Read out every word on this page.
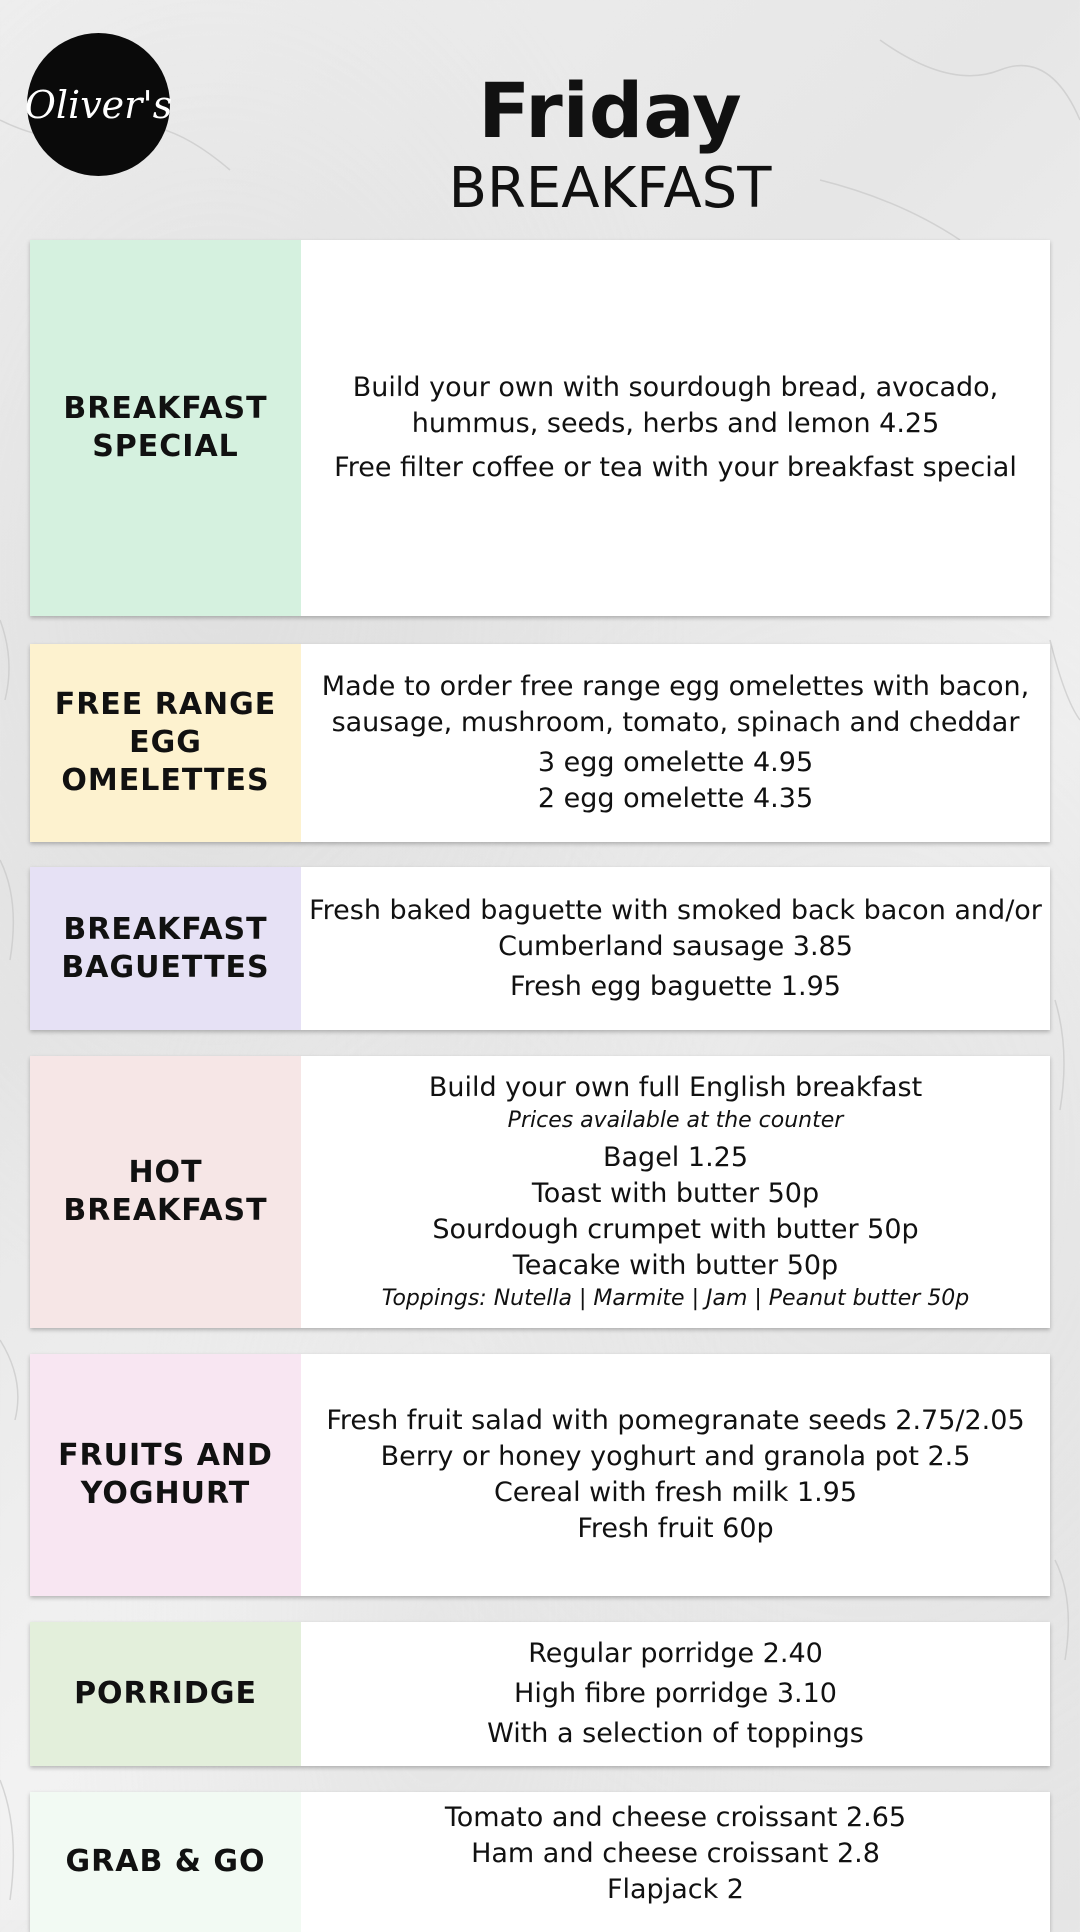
Oliver's	Friday
BREAKFAST
BREAKFAST
SPECIAL
Build your own with sourdough bread, avocado,
hummus, seeds, herbs and lemon 4.25
Free filter coffee or tea with your breakfast special
FREE RANGE
EGG
OMELETTES
Made to order free range egg omelettes with bacon,
sausage, mushroom, tomato, spinach and cheddar
3 egg omelette 4.95
2 egg omelette 4.35
BREAKFAST
BAGUETTES
Fresh baked baguette with smoked back bacon and/or
Cumberland sausage 3.85
Fresh egg baguette 1.95
HOT
BREAKFAST
Build your own full English breakfast
Prices available at the counter
Bagel 1.25
Toast with butter 50p
Sourdough crumpet with butter 50p
Teacake with butter 50p
Toppings: Nutella | Marmite | Jam | Peanut butter 50p
FRUITS AND
YOGHURT
Fresh fruit salad with pomegranate seeds 2.75/2.05
Berry or honey yoghurt and granola pot 2.5
Cereal with fresh milk 1.95
Fresh fruit 60p
PORRIDGE
Regular porridge 2.40
High fibre porridge 3.10
With a selection of toppings
GRAB & GO
Tomato and cheese croissant 2.65
Ham and cheese croissant 2.8
Flapjack 2
